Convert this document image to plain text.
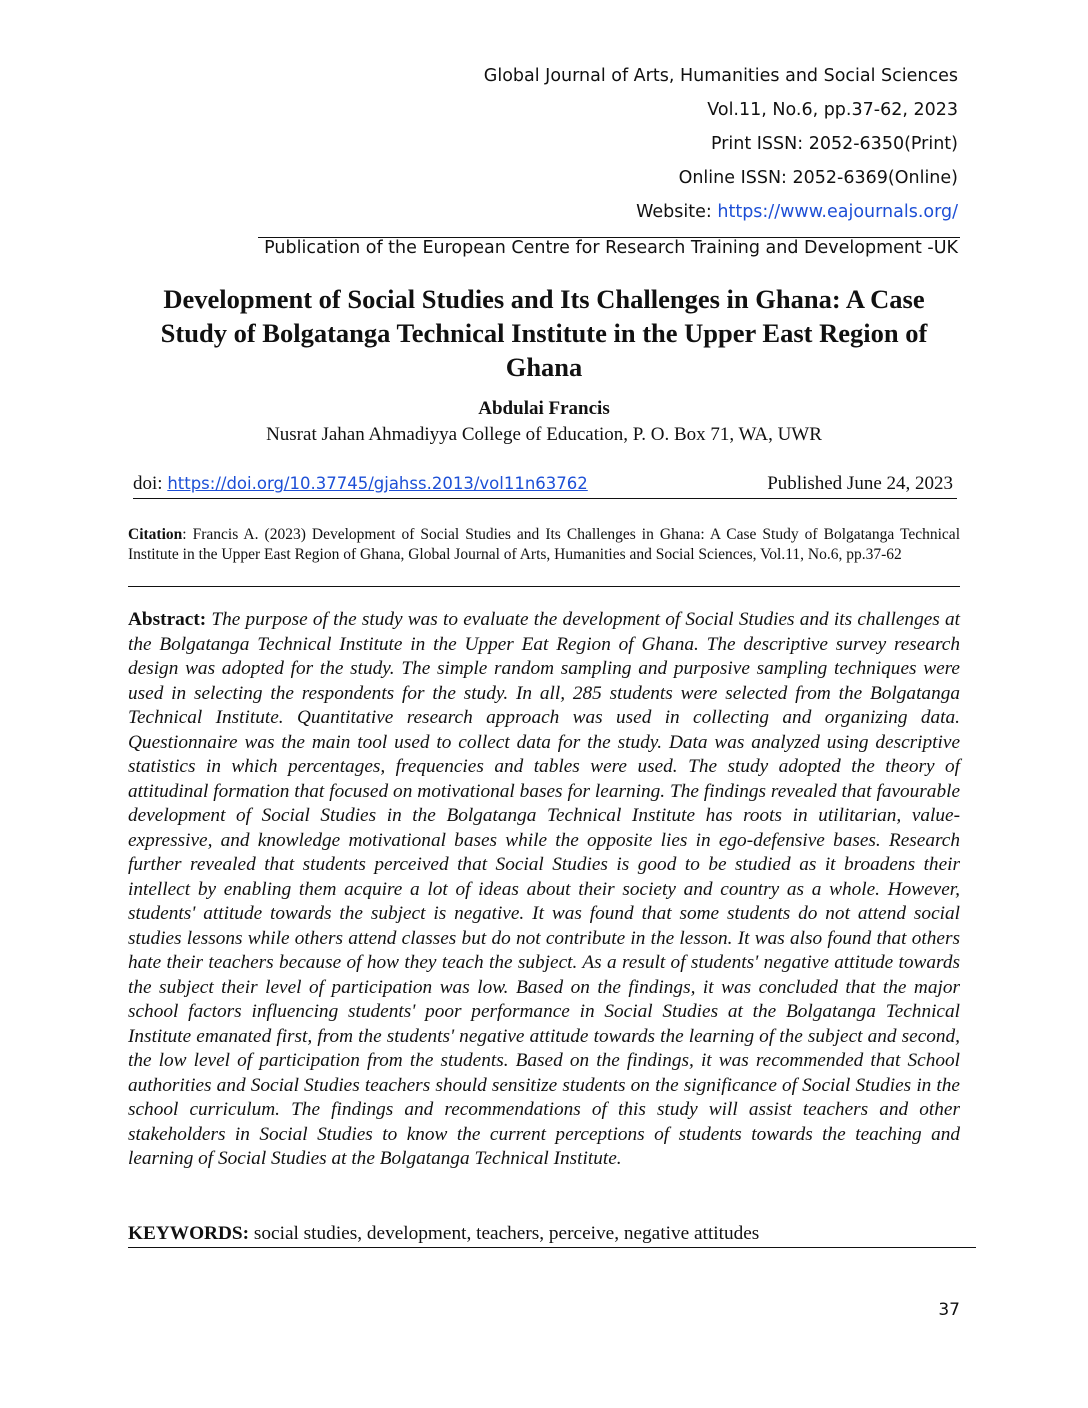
Global Journal of Arts, Humanities and Social Sciences
Vol.11, No.6, pp.37-62, 2023
Print ISSN: 2052-6350(Print)
Online ISSN: 2052-6369(Online)
Website: https://www.eajournals.org/
Publication of the European Centre for Research Training and Development -UK
Development of Social Studies and Its Challenges in Ghana: A Case Study of Bolgatanga Technical Institute in the Upper East Region of Ghana
Abdulai Francis
Nusrat Jahan Ahmadiyya College of Education, P. O. Box 71, WA, UWR
doi: https://doi.org/10.37745/gjahss.2013/vol11n63762	Published June 24, 2023
Citation: Francis A. (2023) Development of Social Studies and Its Challenges in Ghana: A Case Study of Bolgatanga Technical Institute in the Upper East Region of Ghana, Global Journal of Arts, Humanities and Social Sciences, Vol.11, No.6, pp.37-62

Abstract: The purpose of the study was to evaluate the development of Social Studies and its challenges at the Bolgatanga Technical Institute in the Upper Eat Region of Ghana. The descriptive survey research design was adopted for the study. The simple random sampling and purposive sampling techniques were used in selecting the respondents for the study. In all, 285 students were selected from the Bolgatanga Technical Institute. Quantitative research approach was used in collecting and organizing data. Questionnaire was the main tool used to collect data for the study. Data was analyzed using descriptive statistics in which percentages, frequencies and tables were used. The study adopted the theory of attitudinal formation that focused on motivational bases for learning. The findings revealed that favourable development of Social Studies in the Bolgatanga Technical Institute has roots in utilitarian, value-expressive, and knowledge motivational bases while the opposite lies in ego-defensive bases. Research further revealed that students perceived that Social Studies is good to be studied as it broadens their intellect by enabling them acquire a lot of ideas about their society and country as a whole. However, students' attitude towards the subject is negative. It was found that some students do not attend social studies lessons while others attend classes but do not contribute in the lesson. It was also found that others hate their teachers because of how they teach the subject. As a result of students' negative attitude towards the subject their level of participation was low. Based on the findings, it was concluded that the major school factors influencing students' poor performance in Social Studies at the Bolgatanga Technical Institute emanated first, from the students' negative attitude towards the learning of the subject and second, the low level of participation from the students. Based on the findings, it was recommended that School authorities and Social Studies teachers should sensitize students on the significance of Social Studies in the school curriculum. The findings and recommendations of this study will assist teachers and other stakeholders in Social Studies to know the current perceptions of students towards the teaching and learning of Social Studies at the Bolgatanga Technical Institute.

KEYWORDS: social studies, development, teachers, perceive, negative attitudes
37
